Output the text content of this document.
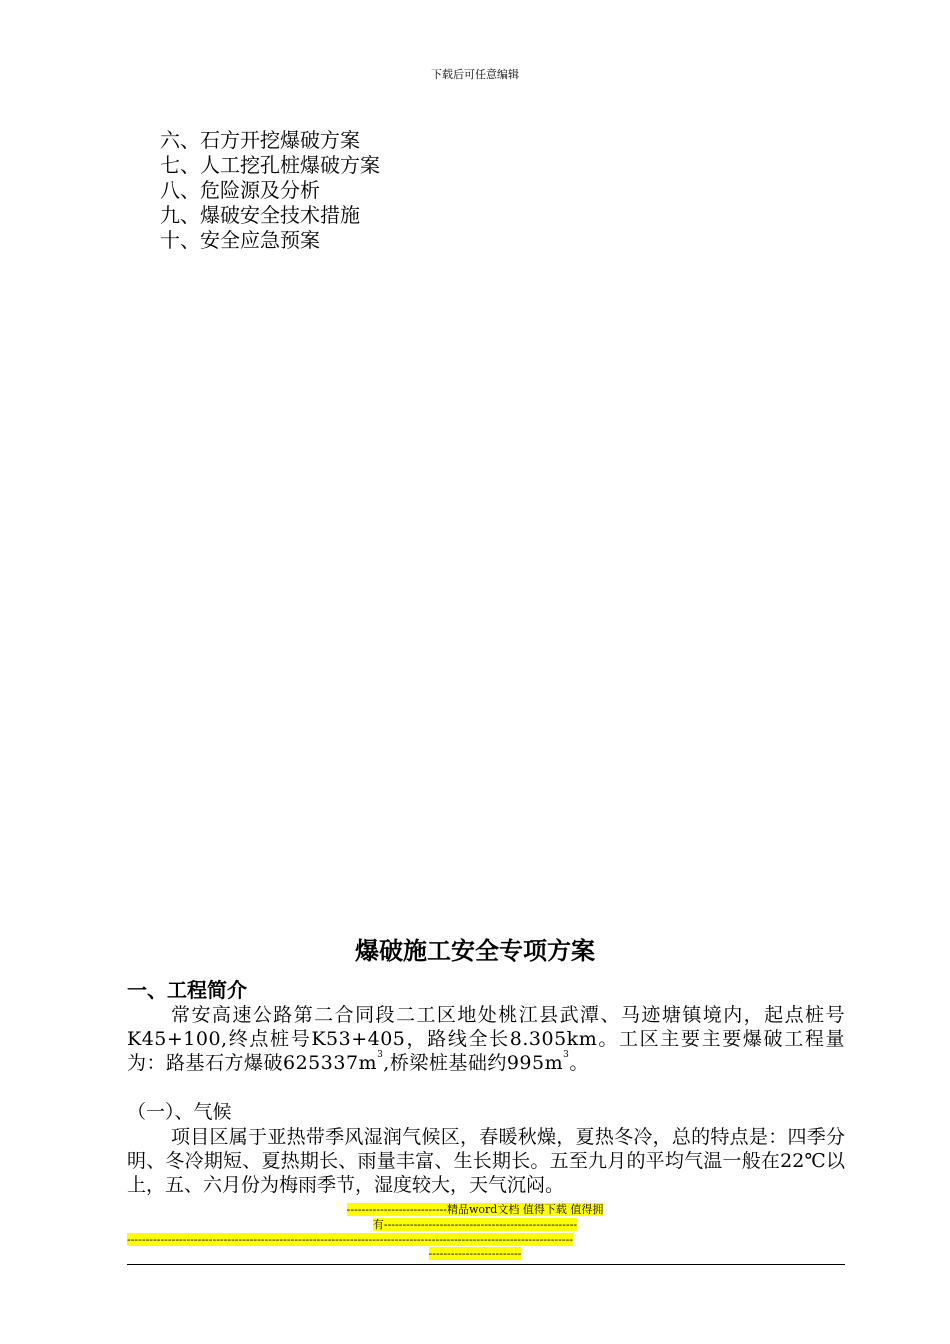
下载后可任意编辑
六、石方开挖爆破方案
七、人工挖孔桩爆破方案
八、危险源及分析
九、爆破安全技术措施
十、安全应急预案
爆破施工安全专项方案
一、工程简介

常安高速公路第二合同段二工区地处桃江县武潭、马迹塘镇境内，起点桩号K45+100,终点桩号K53+405，路线全长8.305km。工区主要主要爆破工程量为：路基石方爆破$625337m^3$,桥梁桩基础约$995m^3$。

（一）、气候

项目区属于亚热带季风湿润气候区，春暖秋燥，夏热冬冷，总的特点是：四季分明、冬冷期短、夏热期长、雨量丰富、生长期长。五至九月的平均气温一般在22℃以上，五、六月份为梅雨季节，湿度较大，天气沉闷。

---------------------------精品word文档 值得下载 值得拥
有----------------------------------------------------
------------------------------------------------------------------------------------------------------------------------
-------------------------
